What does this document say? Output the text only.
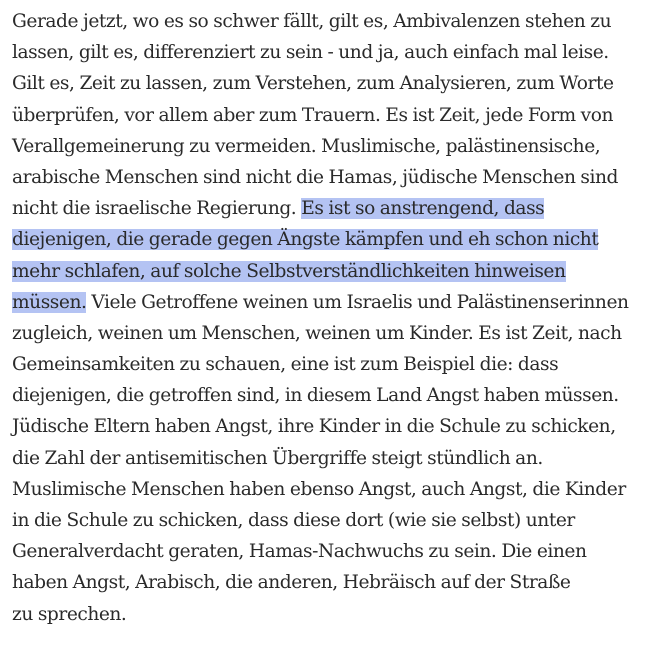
Gerade jetzt, wo es so schwer fällt, gilt es, Ambivalenzen stehen zu
lassen, gilt es, differenziert zu sein - und ja, auch einfach mal leise.
Gilt es, Zeit zu lassen, zum Verstehen, zum Analysieren, zum Worte
überprüfen, vor allem aber zum Trauern. Es ist Zeit, jede Form von
Verallgemeinerung zu vermeiden. Muslimische, palästinensische,
arabische Menschen sind nicht die Hamas, jüdische Menschen sind
nicht die israelische Regierung. Es ist so anstrengend, dass
diejenigen, die gerade gegen Ängste kämpfen und eh schon nicht
mehr schlafen, auf solche Selbstverständlichkeiten hinweisen
müssen. Viele Getroffene weinen um Israelis und Palästinenserinnen
zugleich, weinen um Menschen, weinen um Kinder. Es ist Zeit, nach
Gemeinsamkeiten zu schauen, eine ist zum Beispiel die: dass
diejenigen, die getroffen sind, in diesem Land Angst haben müssen.
Jüdische Eltern haben Angst, ihre Kinder in die Schule zu schicken,
die Zahl der antisemitischen Übergriffe steigt stündlich an.
Muslimische Menschen haben ebenso Angst, auch Angst, die Kinder
in die Schule zu schicken, dass diese dort (wie sie selbst) unter
Generalverdacht geraten, Hamas-Nachwuchs zu sein. Die einen
haben Angst, Arabisch, die anderen, Hebräisch auf der Straße
zu sprechen.
